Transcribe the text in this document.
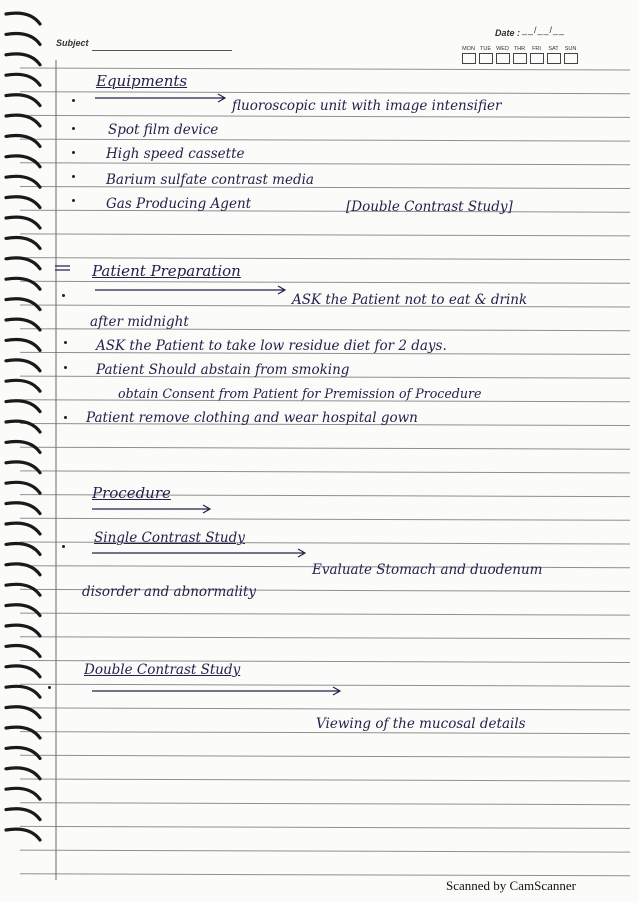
Subject
Date : __/__/__
MON TUE WED THR FRI SAT SUN
Equipments
fluoroscopic unit with image intensifier
Spot film device
High speed cassette
Barium sulfate contrast media
Gas Producing Agent	[Double Contrast Study]
Patient Preparation
ASK the Patient not to eat & drink
after midnight
ASK the Patient to take low residue diet for 2 days.
Patient Should abstain from smoking
obtain Consent from Patient for Premission of Procedure
Patient remove clothing and wear hospital gown
Procedure
Single Contrast Study
Evaluate Stomach and duodenum
disorder and abnormality
Double Contrast Study
Viewing of the mucosal details
Scanned by CamScanner
